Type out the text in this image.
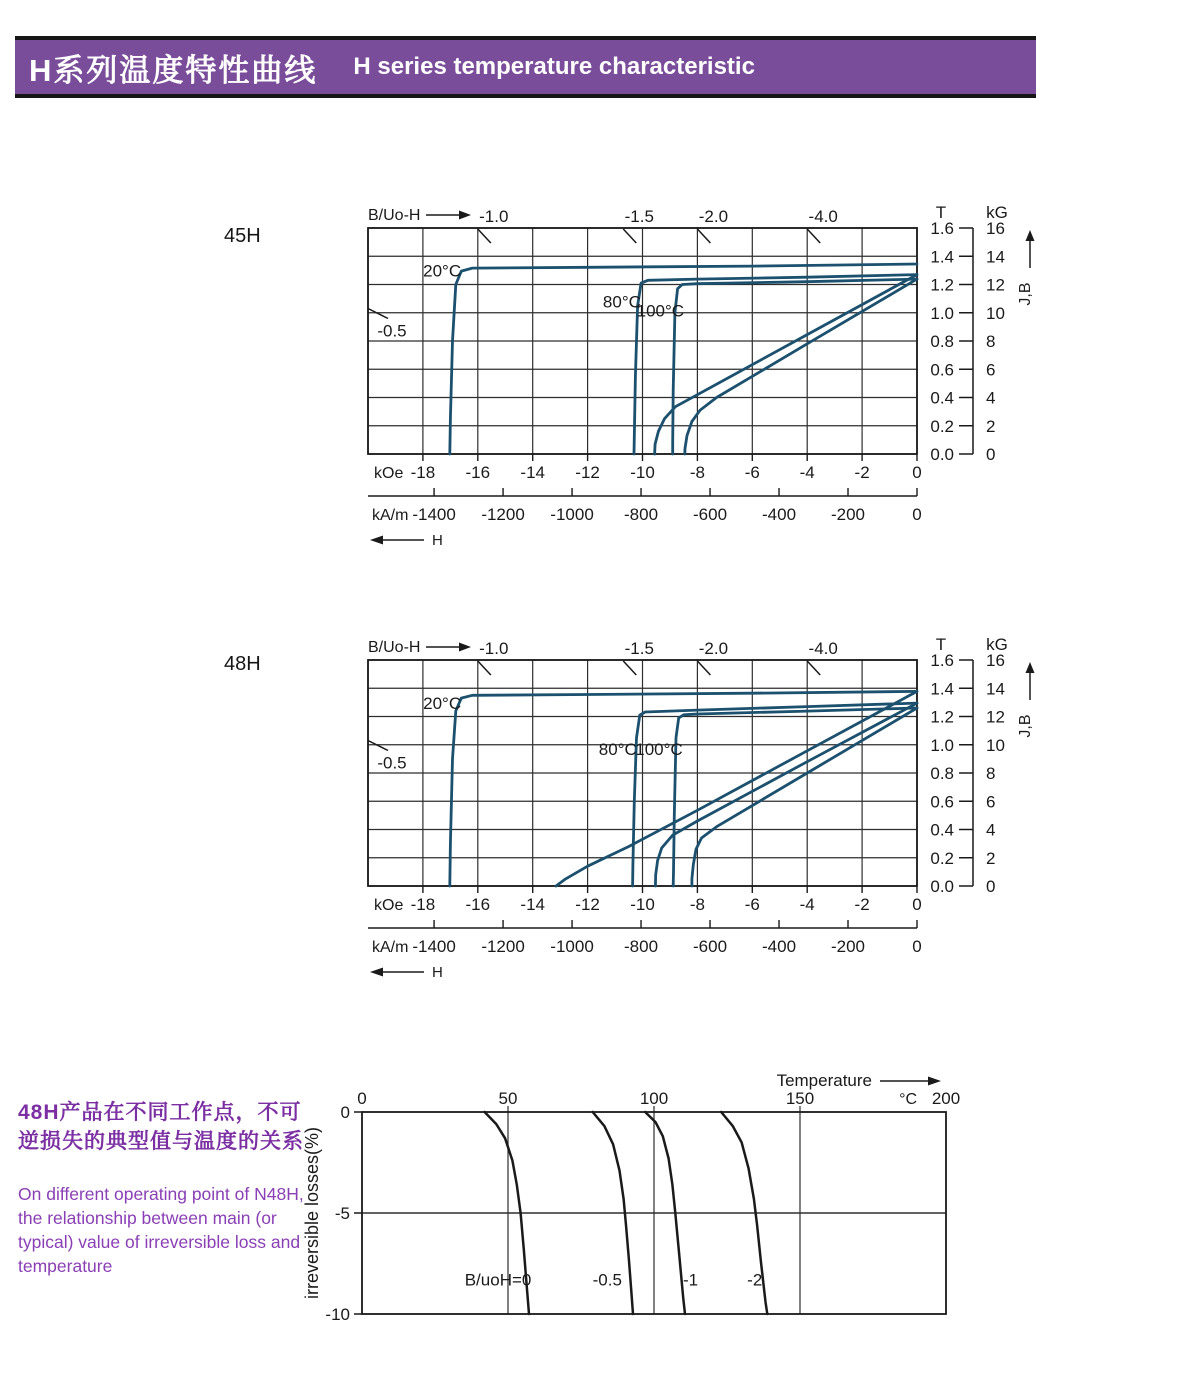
-18 -16 -14 -12 -10 -8 -6 -4 -2	0
kOe
-1400 -1200 -1000 -800 -600 -400 -200	0
kA/m
H
B/Uo-H	-1.0	-1.5	-2.0	-4.0
-0.5
T kG
1.6 16
1.4 14
1.2 12
1.0 10
0.8 8
0.6 6
0.4 4
0.2 2
0.0 0
J,B
20°C
80°C
100°C
-18 -16 -14 -12 -10 -8 -6 -4 -2	0
kOe
-1400 -1200 -1000 -800 -600 -400 -200	0
kA/m
H
B/Uo-H	-1.0	-1.5	-2.0	-4.0
-0.5
T kG
1.6 16
1.4 14
1.2 12
1.0 10
0.8 8
0.6 6
0.4 4
0.2 2
0.0 0
J,B
20°C
80°C
100°C
0	50	100	150	200
°C
0
-5
-10
irreversible losses(%)
Temperature
B/uoH=0	-0.5	-1	-2
H系列温度特性曲线 H series temperature characteristic
45H
48H
48H产品在不同工作点，不可
逆损失的典型值与温度的关系
On different operating point of N48H,
the relationship between main (or
typical) value of irreversible loss and
temperature
